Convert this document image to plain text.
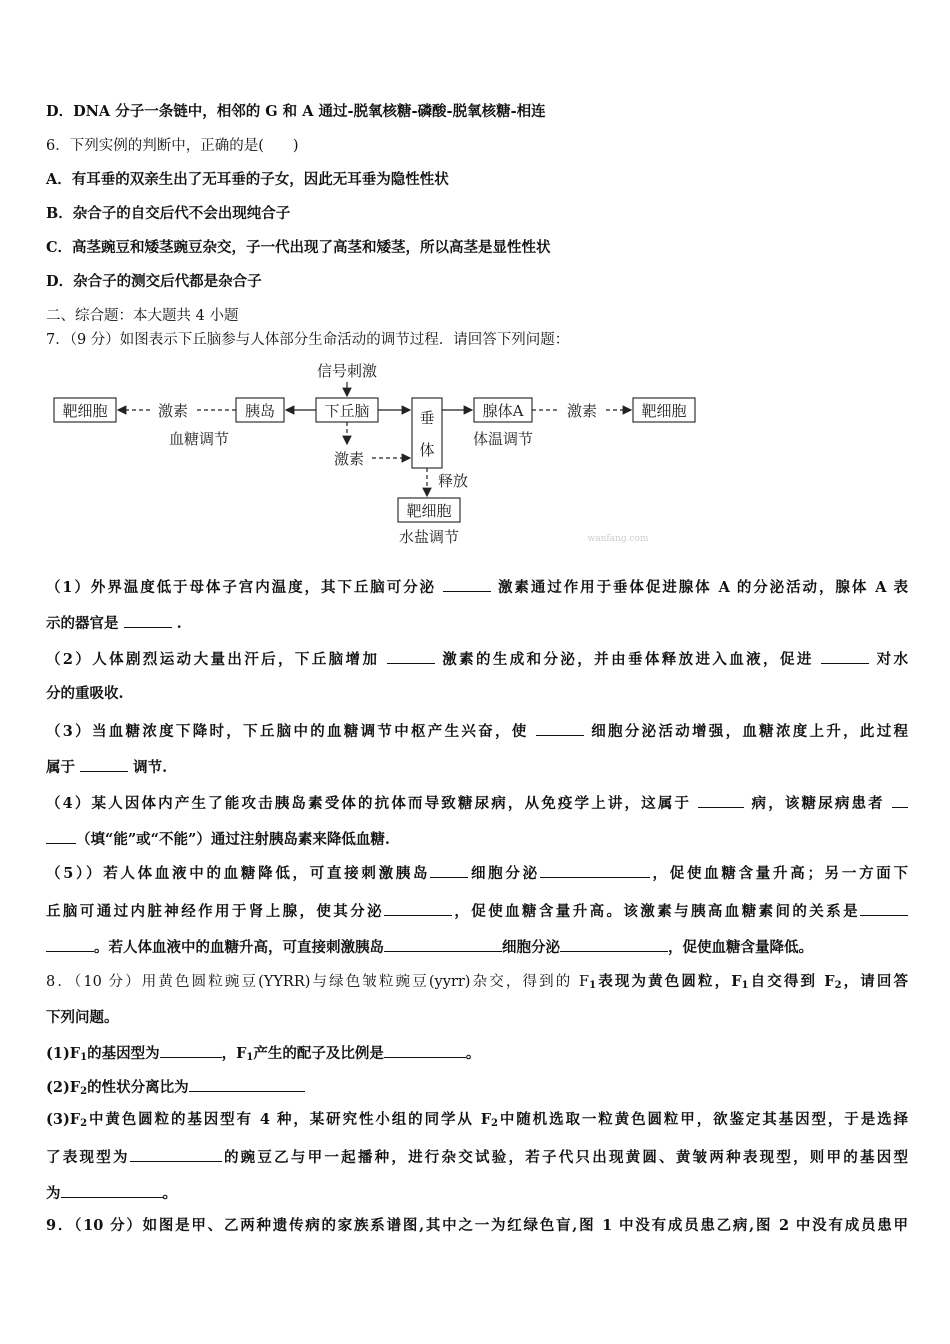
D．DNA 分子一条链中，相邻的 G 和 A 通过-脱氧核糖-磷酸-脱氧核糖-相连
6．下列实例的判断中，正确的是(　　)
A．有耳垂的双亲生出了无耳垂的子女，因此无耳垂为隐性性状
B．杂合子的自交后代不会出现纯合子
C．高茎豌豆和矮茎豌豆杂交，子一代出现了高茎和矮茎，所以高茎是显性性状
D．杂合子的测交后代都是杂合子
二、综合题：本大题共 4 小题
7．（9 分）如图表示下丘脑参与人体部分生命活动的调节过程．请回答下列问题：
靶细胞	胰岛	下丘脑	垂
体
腺体A	靶细胞
靶细胞
信号刺激
激素	激素
激素
释放
血糖调节	体温调节
水盐调节	wanfang.com
（1）外界温度低于母体子宫内温度，其下丘脑可分泌	激素通过作用于垂体促进腺体 A 的分泌活动，腺体 A 表
示的器官是	.
（2）人体剧烈运动大量出汗后，下丘脑增加	激素的生成和分泌，并由垂体释放进入血液，促进	对水
分的重吸收.
（3）当血糖浓度下降时，下丘脑中的血糖调节中枢产生兴奋，使	细胞分泌活动增强，血糖浓度上升，此过程
属于	调节.
（4）某人因体内产生了能攻击胰岛素受体的抗体而导致糖尿病，从免疫学上讲，这属于	病，该糖尿病患者
（填“能”或“不能”）通过注射胰岛素来降低血糖.
（5））若人体血液中的血糖降低，可直接刺激胰岛	细胞分泌	，促使血糖含量升高；另一方面下
丘脑可通过内脏神经作用于肾上腺，使其分泌	，促使血糖含量升高。该激素与胰高血糖素间的关系是
。若人体血液中的血糖升高，可直接刺激胰岛	细胞分泌	，促使血糖含量降低。
8．（10 分）用黄色圆粒豌豆(YYRR)与绿色皱粒豌豆(yyrr)杂交，得到的 $F_1$表现为黄色圆粒，$F_1$自交得到 $F_2$，请回答
下列问题。
$(1)F_1$的基因型为	，$F_1$产生的配子及比例是	。
$(2)F_2$的性状分离比为
$(3)F_2$中黄色圆粒的基因型有 4 种，某研究性小组的同学从 $F_2$中随机选取一粒黄色圆粒甲，欲鉴定其基因型，于是选择
了表现型为	的豌豆乙与甲一起播种，进行杂交试验，若子代只出现黄圆、黄皱两种表现型，则甲的基因型
为	。
9．（10 分）如图是甲、乙两种遗传病的家族系谱图,其中之一为红绿色盲,图 1 中没有成员患乙病,图 2 中没有成员患甲
